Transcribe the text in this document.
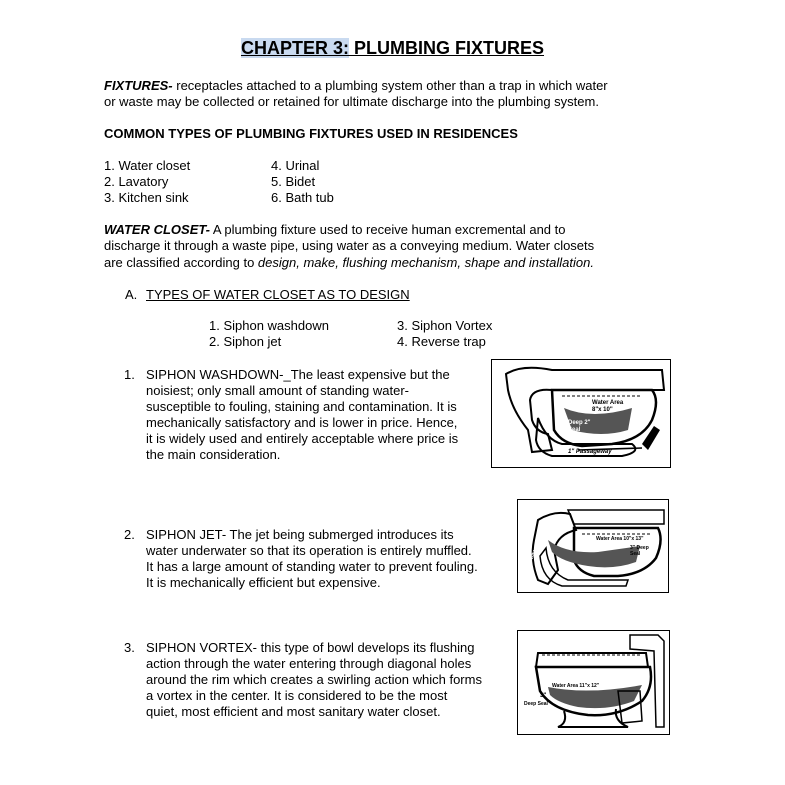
CHAPTER 3: PLUMBING FIXTURES
FIXTURES- receptacles attached to a plumbing system other than a trap in which water
or waste may be collected or retained for ultimate discharge into the plumbing system.
COMMON TYPES OF PLUMBING FIXTURES USED IN RESIDENCES
1. Water closet
2. Lavatory
3. Kitchen sink
4. Urinal
5. Bidet
6. Bath tub
WATER CLOSET- A plumbing fixture used to receive human excremental and to
discharge it through a waste pipe, using water as a conveying medium. Water closets
are classified according to design, make, flushing mechanism, shape and installation.
A. TYPES OF WATER CLOSET AS TO DESIGN
1. Siphon washdown
2. Siphon jet
3. Siphon Vortex
4. Reverse trap
1. SIPHON WASHDOWN-_The least expensive but the
noisiest; only small amount of standing water-
susceptible to fouling, staining and contamination. It is
mechanically satisfactory and is lower in price. Hence,
it is widely used and entirely acceptable where price is
the main consideration.
Water Area
8"x 10"
Deep 2"
Seal
1" Passageway
2. SIPHON JET- The jet being submerged introduces its
water underwater so that its operation is entirely muffled.
It has a large amount of standing water to prevent fouling.
It is mechanically efficient but expensive.
Water Area 10"x 13"
3" Deep
Seal
2" Passageway
3. SIPHON VORTEX- this type of bowl develops its flushing
action through the water entering through diagonal holes
around the rim which creates a swirling action which forms
a vortex in the center. It is considered to be the most
quiet, most efficient and most sanitary water closet.
Water Area 11"x 12"
3"
Deep Seal
